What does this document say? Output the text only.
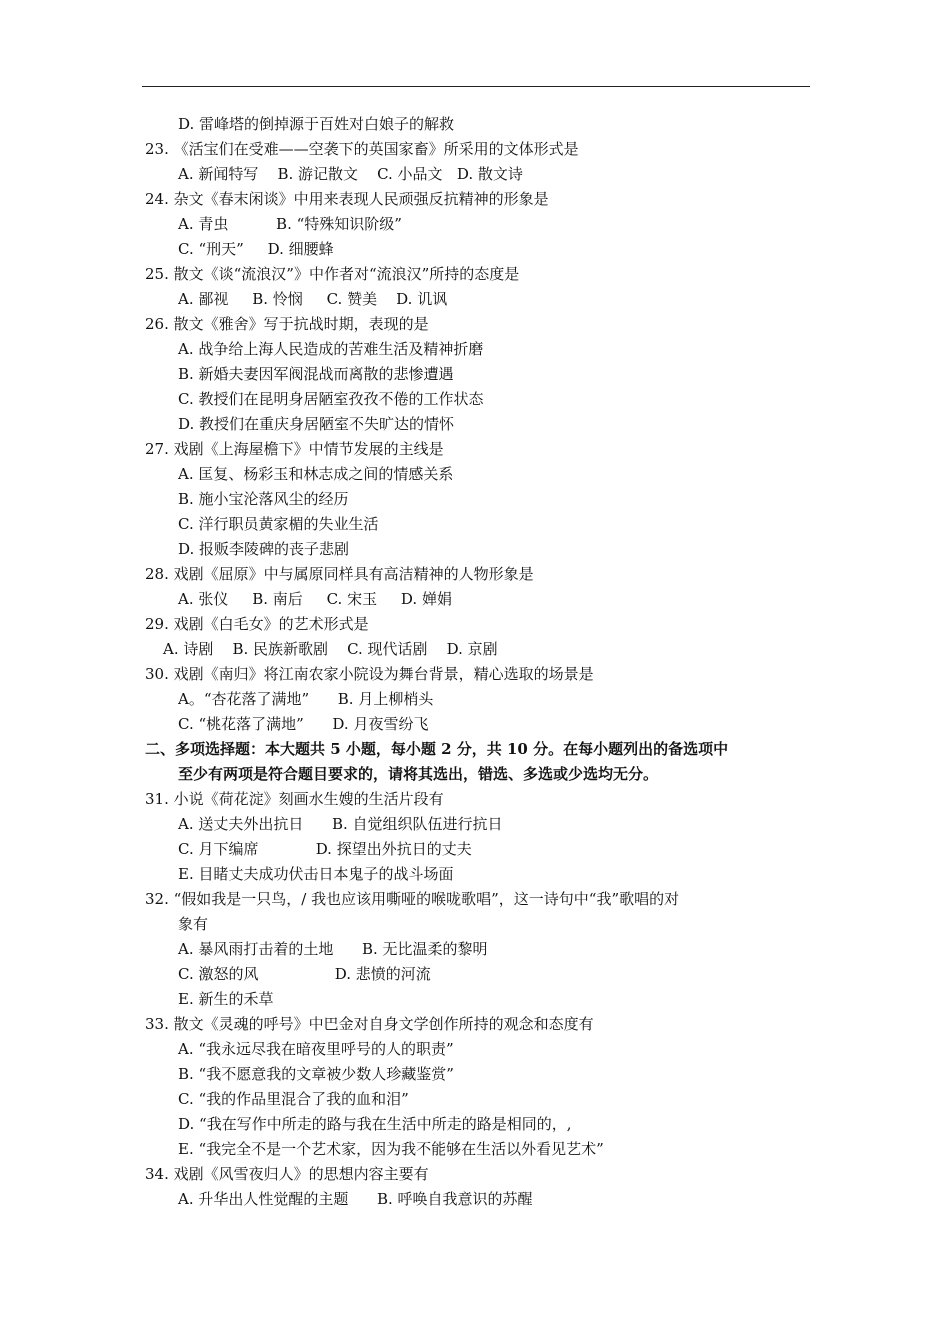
D. 雷峰塔的倒掉源于百姓对白娘子的解救
23. 《活宝们在受难——空袭下的英国家畜》所采用的文体形式是
A. 新闻特写    B. 游记散文    C. 小品文   D. 散文诗
24. 杂文《春末闲谈》中用来表现人民顽强反抗精神的形象是
A. 青虫          B. “特殊知识阶级”
C. “刑天”     D. 细腰蜂
25. 散文《谈“流浪汉”》中作者对“流浪汉”所持的态度是
A. 鄙视     B. 怜悯     C. 赞美    D. 讥讽
26. 散文《雅舍》写于抗战时期，表现的是
A. 战争给上海人民造成的苦难生活及精神折磨
B. 新婚夫妻因军阀混战而离散的悲惨遭遇
C. 教授们在昆明身居陋室孜孜不倦的工作状态
D. 教授们在重庆身居陋室不失旷达的情怀
27. 戏剧《上海屋檐下》中情节发展的主线是
A. 匡复、杨彩玉和林志成之间的情感关系
B. 施小宝沦落风尘的经历
C. 洋行职员黄家楣的失业生活
D. 报贩李陵碑的丧子悲剧
28. 戏剧《屈原》中与属原同样具有高洁精神的人物形象是
A. 张仪     B. 南后     C. 宋玉     D. 婵娟
29. 戏剧《白毛女》的艺术形式是
A. 诗剧    B. 民族新歌剧    C. 现代话剧    D. 京剧
30. 戏剧《南归》将江南农家小院设为舞台背景，精心选取的场景是
A。“杏花落了满地”      B. 月上柳梢头
C. “桃花落了满地”      D. 月夜雪纷飞
二、多项选择题：本大题共 5 小题，每小题 2 分，共 10 分。在每小题列出的备选项中
至少有两项是符合题目要求的，请将其选出，错选、多选或少选均无分。
31. 小说《荷花淀》刻画水生嫂的生活片段有
A. 送丈夫外出抗日      B. 自觉组织队伍进行抗日
C. 月下编席            D. 探望出外抗日的丈夫
E. 目睹丈夫成功伏击日本鬼子的战斗场面
32. “假如我是一只鸟，/ 我也应该用嘶哑的喉咙歌唱”，这一诗句中“我”歌唱的对
象有
A. 暴风雨打击着的土地      B. 无比温柔的黎明
C. 激怒的风                D. 悲愤的河流
E. 新生的禾草
33. 散文《灵魂的呼号》中巴金对自身文学创作所持的观念和态度有
A. “我永远尽我在暗夜里呼号的人的职责”
B. “我不愿意我的文章被少数人珍藏鉴赏”
C. “我的作品里混合了我的血和泪”
D. “我在写作中所走的路与我在生活中所走的路是相同的，,
E. “我完全不是一个艺术家，因为我不能够在生活以外看见艺术”
34. 戏剧《风雪夜归人》的思想内容主要有
A. 升华出人性觉醒的主题      B. 呼唤自我意识的苏醒
